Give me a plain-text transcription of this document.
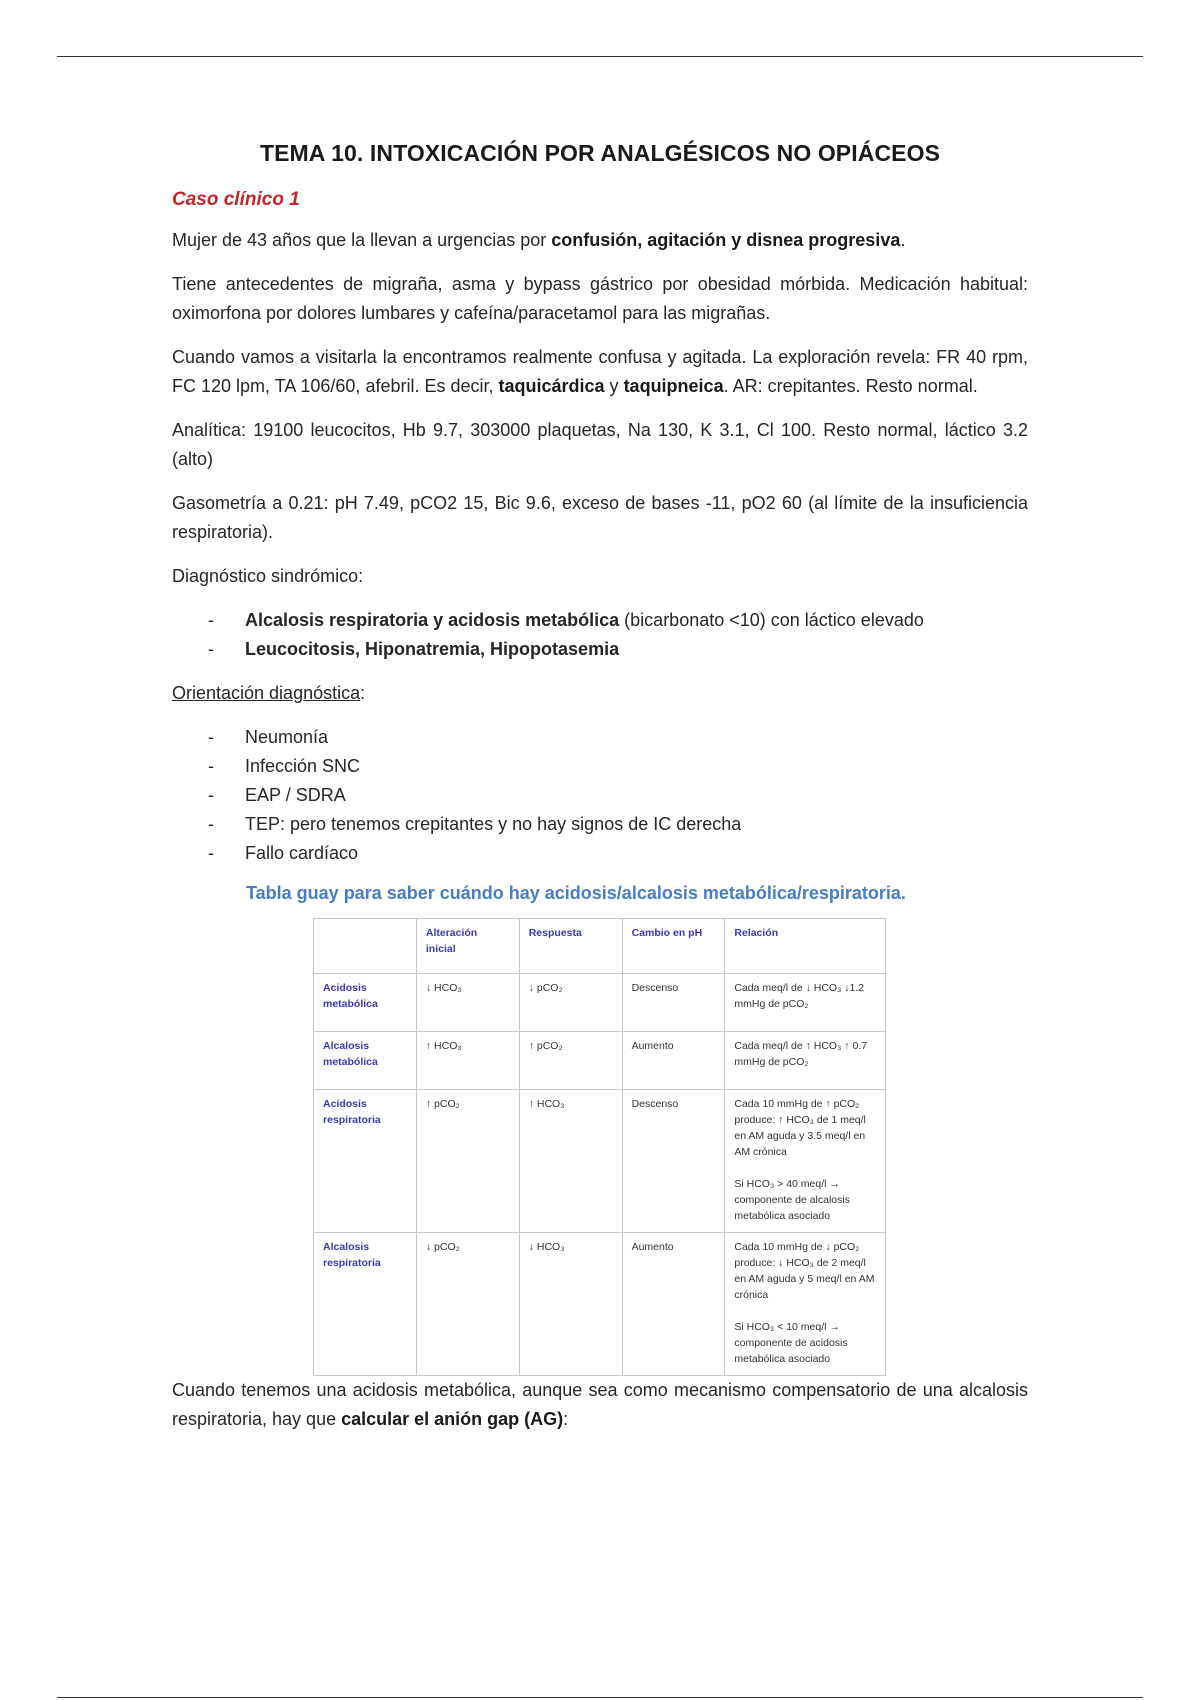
TEMA 10. INTOXICACIÓN POR ANALGÉSICOS NO OPIÁCEOS
Caso clínico 1

Mujer de 43 años que la llevan a urgencias por confusión, agitación y disnea progresiva.

Tiene antecedentes de migraña, asma y bypass gástrico por obesidad mórbida. Medicación habitual: oximorfona por dolores lumbares y cafeína/paracetamol para las migrañas.

Cuando vamos a visitarla la encontramos realmente confusa y agitada. La exploración revela: FR 40 rpm, FC 120 lpm, TA 106/60, afebril. Es decir, taquicárdica y taquipneica. AR: crepitantes. Resto normal.

Analítica: 19100 leucocitos, Hb 9.7, 303000 plaquetas, Na 130, K 3.1, Cl 100. Resto normal, láctico 3.2 (alto)

Gasometría a 0.21: pH 7.49, pCO2 15, Bic 9.6, exceso de bases -11, pO2 60 (al límite de la insuficiencia respiratoria).

Diagnóstico sindrómico:

- Alcalosis respiratoria y acidosis metabólica (bicarbonato <10) con láctico elevado
- Leucocitosis, Hiponatremia, Hipopotasemia

Orientación diagnóstica:

- Neumonía
- Infección SNC
- EAP / SDRA
- TEP: pero tenemos crepitantes y no hay signos de IC derecha
- Fallo cardíaco
Tabla guay para saber cuándo hay acidosis/alcalosis metabólica/respiratoria.
	Alteración inicial	Respuesta	Cambio en pH	Relación
Acidosis metabólica	↓ HCO₃	↓ pCO₂	Descenso	Cada meq/l de ↓ HCO₃ ↓1.2 mmHg de pCO₂

Alcalosis metabólica	↑ HCO₃	↑ pCO₂	Aumento	Cada meq/l de ↑ HCO₃ ↑ 0.7 mmHg de pCO₂

Acidosis respiratoria	↑ pCO₂	↑ HCO₃	Descenso	Cada 10 mmHg de ↑ pCO₂ produce: ↑ HCO₃ de 1 meq/l en AM aguda y 3.5 meq/l en AM crónica
Si HCO₃ > 40 meq/l → componente de alcalosis metabólica asociado

Alcalosis respiratoria	↓ pCO₂	↓ HCO₃	Aumento	Cada 10 mmHg de ↓ pCO₂ produce: ↓ HCO₃ de 2 meq/l en AM aguda y 5 meq/l en AM crónica
Si HCO₃ < 10 meq/l → componente de acidosis metabólica asociado

Cuando tenemos una acidosis metabólica, aunque sea como mecanismo compensatorio de una alcalosis respiratoria, hay que calcular el anión gap (AG):
